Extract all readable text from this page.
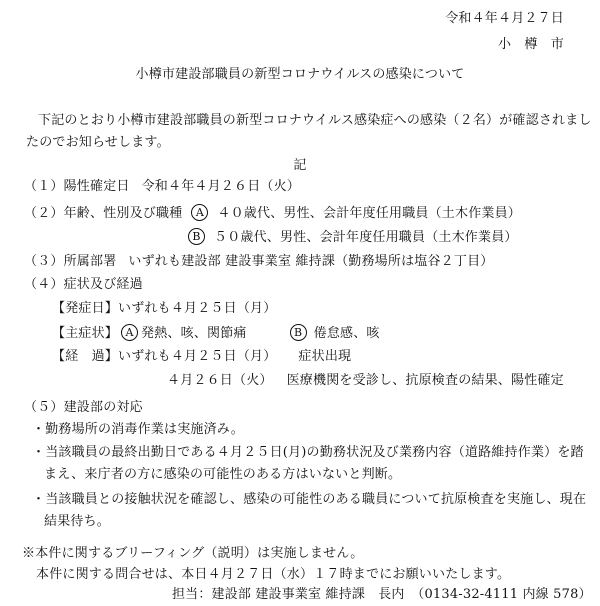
令和４年４月２７日
小　樽　市
小樽市建設部職員の新型コロナウイルスの感染について
下記のとおり小樽市建設部職員の新型コロナウイルス感染症への感染（２名）が確認されまし
たのでお知らせします。
記
（１）陽性確定日 令和４年４月２６日（火）
（２）年齢、性別及び職種 A ４０歳代、男性、会計年度任用職員（土木作業員）
B ５０歳代、男性、会計年度任用職員（土木作業員）
（３）所属部署 いずれも建設部 建設事業室 維持課（勤務場所は塩谷２丁目）
（４）症状及び経過
【発症日】いずれも４月２５日（月）
【主症状】 A 発熱、咳、関節痛	B 倦怠感、咳
【経　過】いずれも４月２５日（月） 症状出現
４月２６日（火） 医療機関を受診し、抗原検査の結果、陽性確定
（５）建設部の対応
・勤務場所の消毒作業は実施済み。
・当該職員の最終出勤日である４月２５日(月)の勤務状況及び業務内容（道路維持作業）を踏
まえ、来庁者の方に感染の可能性のある方はいないと判断。
・当該職員との接触状況を確認し、感染の可能性のある職員について抗原検査を実施し、現在
結果待ち。
※本件に関するブリーフィング（説明）は実施しません。
本件に関する問合せは、本日４月２７日（水）１７時までにお願いいたします。
担当：建設部 建設事業室 維持課　長内　（0134-32-4111 内線 578）
